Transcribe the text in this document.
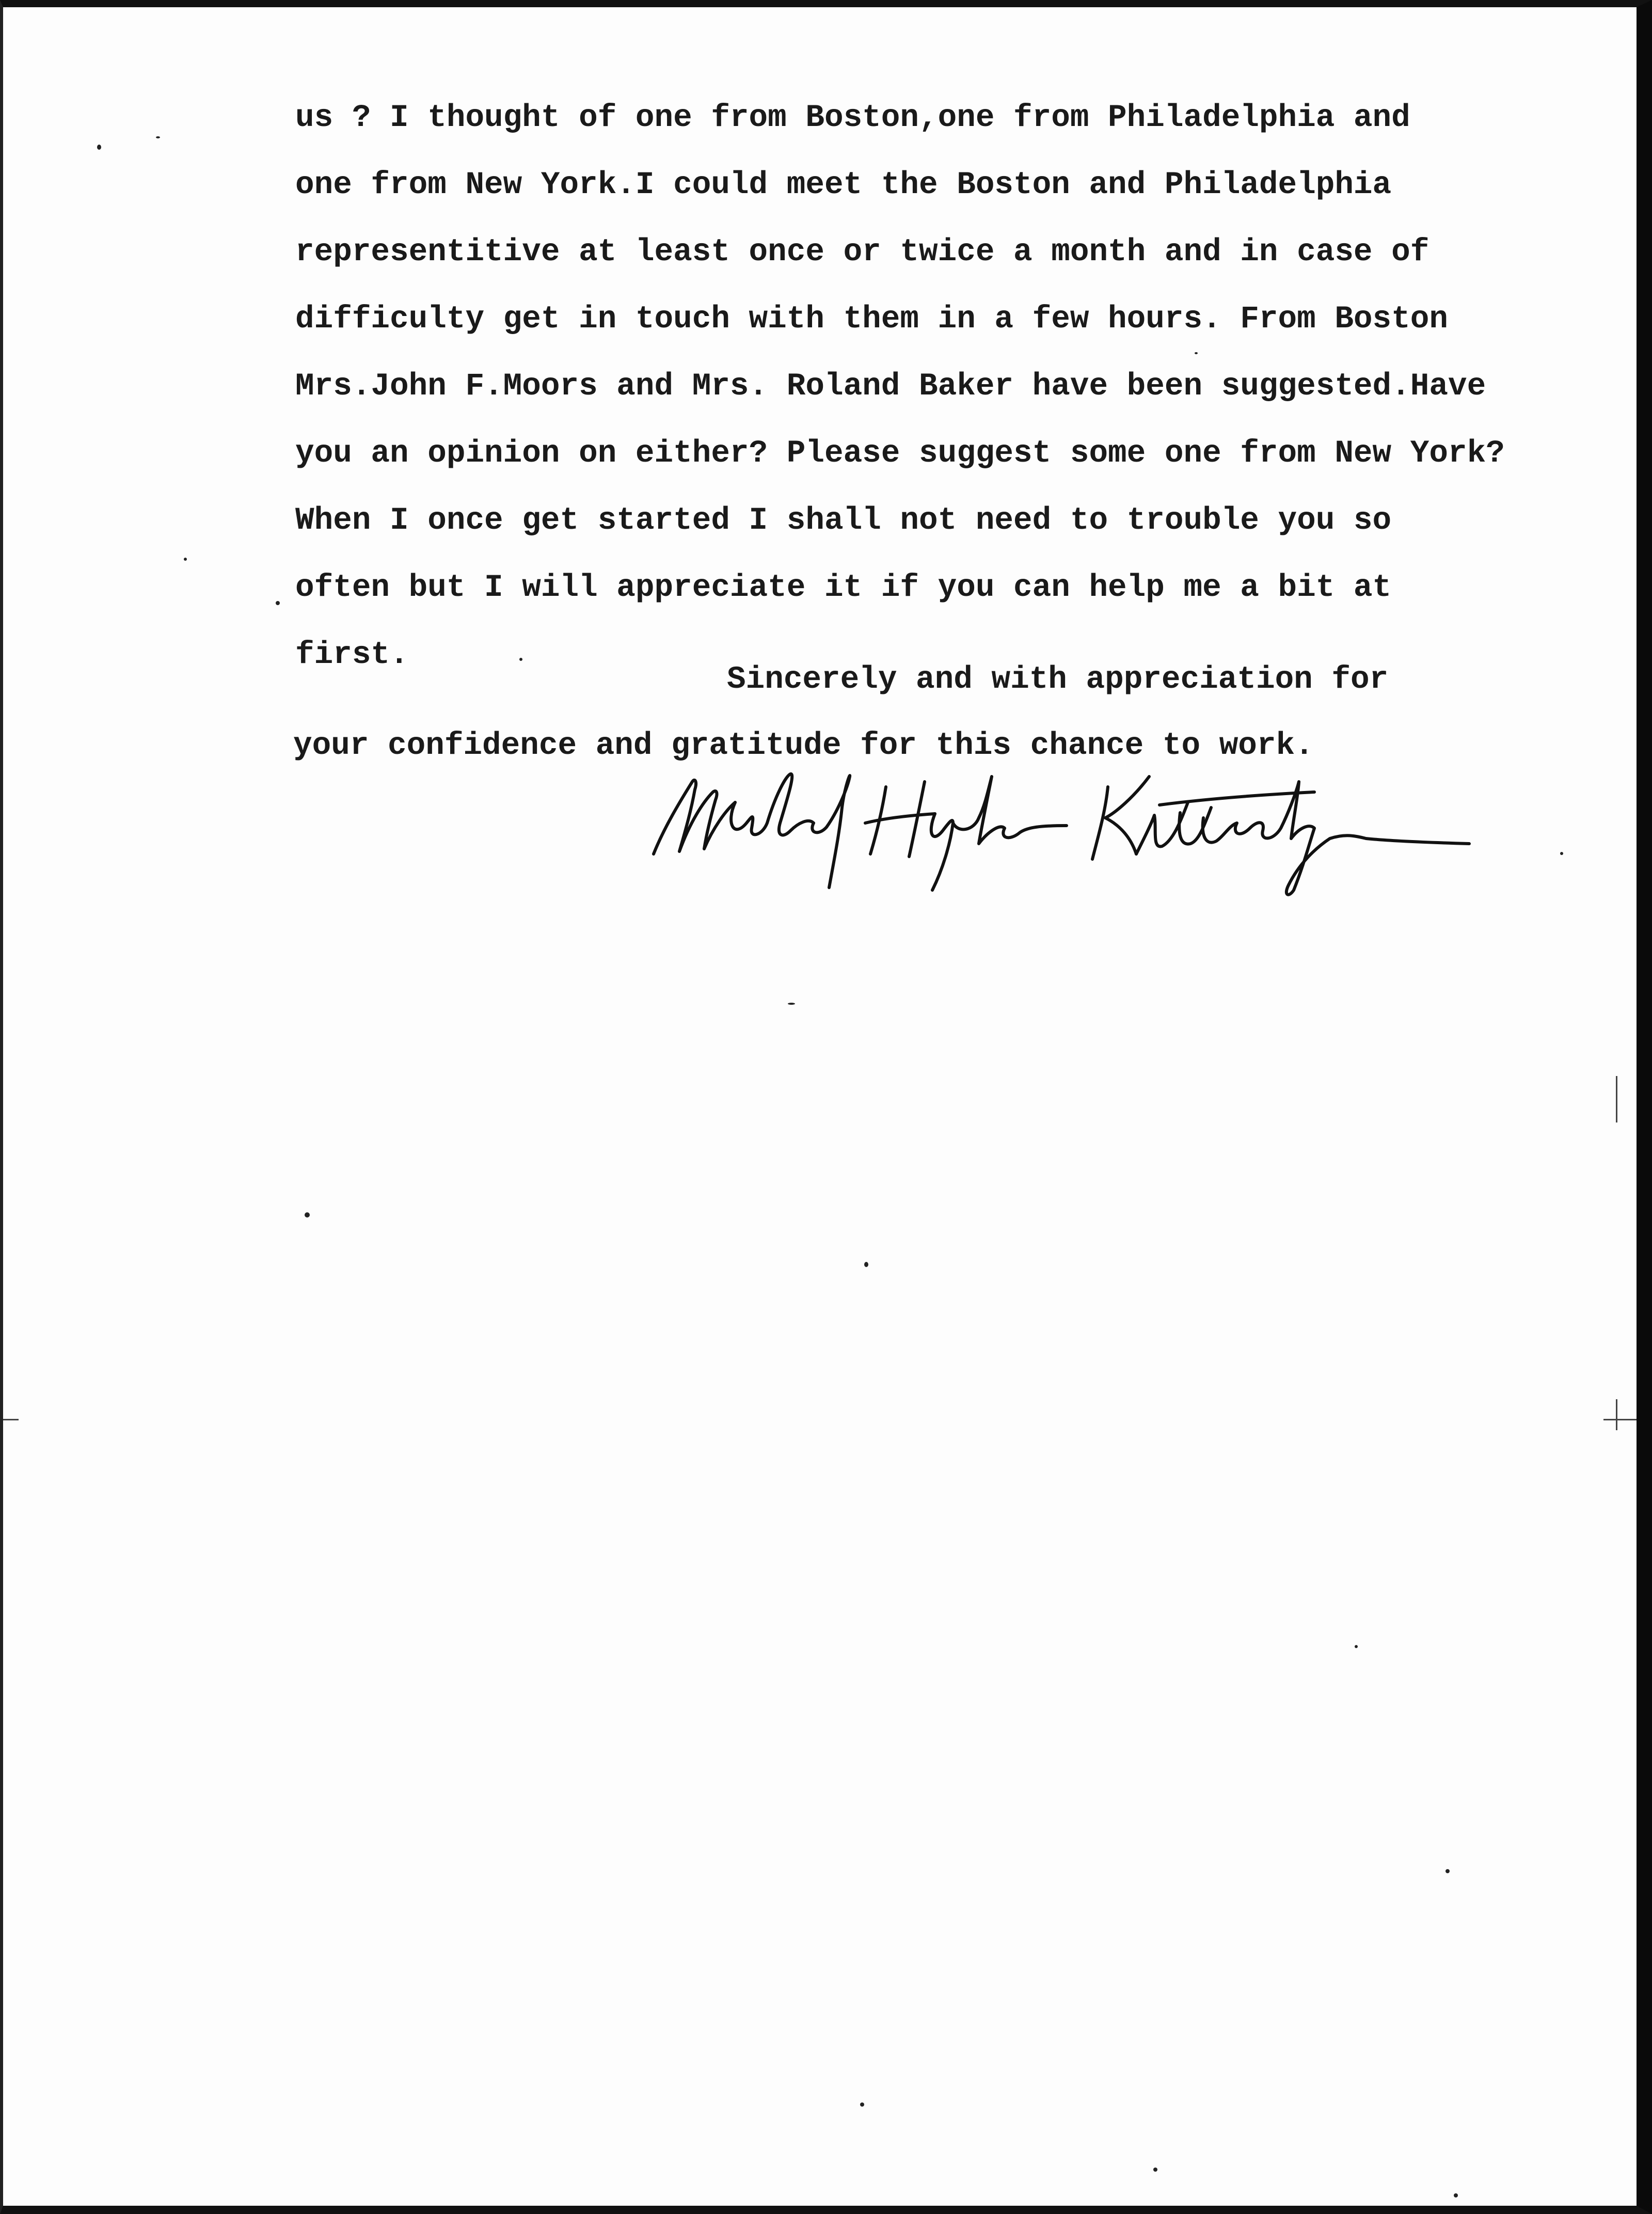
us ? I thought of one from Boston,one from Philadelphia and
one from New York.I could meet the Boston and Philadelphia
representitive at least once or twice a month and in case of
difficulty get in touch with them in a few hours. From Boston
Mrs.John F.Moors and Mrs. Roland Baker have been suggested.Have
you an opinion on either? Please suggest some one from New York?
When I once get started I shall not need to trouble you so
often but I will appreciate it if you can help me a bit at
first.
Sincerely and with appreciation for
your confidence and gratitude for this chance to work.
